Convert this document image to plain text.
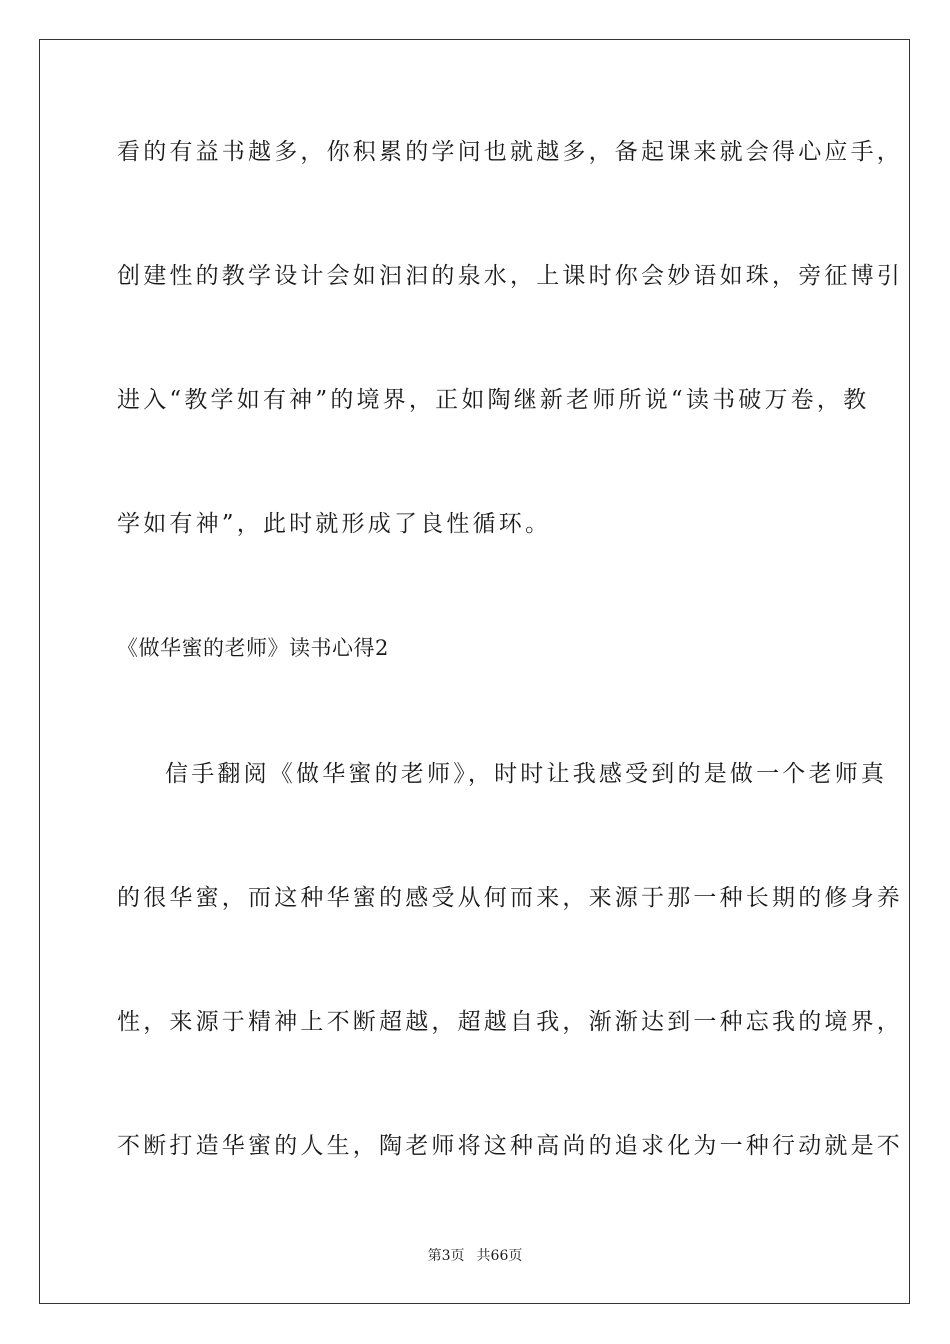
看的有益书越多，你积累的学问也就越多，备起课来就会得心应手，
创建性的教学设计会如汩汩的泉水，上课时你会妙语如珠，旁征博引
进入“教学如有神”的境界，正如陶继新老师所说“读书破万卷，教
学如有神”，此时就形成了良性循环。
《做华蜜的老师》读书心得2
信手翻阅《做华蜜的老师》，时时让我感受到的是做一个老师真
的很华蜜，而这种华蜜的感受从何而来，来源于那一种长期的修身养
性，来源于精神上不断超越，超越自我，渐渐达到一种忘我的境界，
不断打造华蜜的人生，陶老师将这种高尚的追求化为一种行动就是不
第3页 共66页
